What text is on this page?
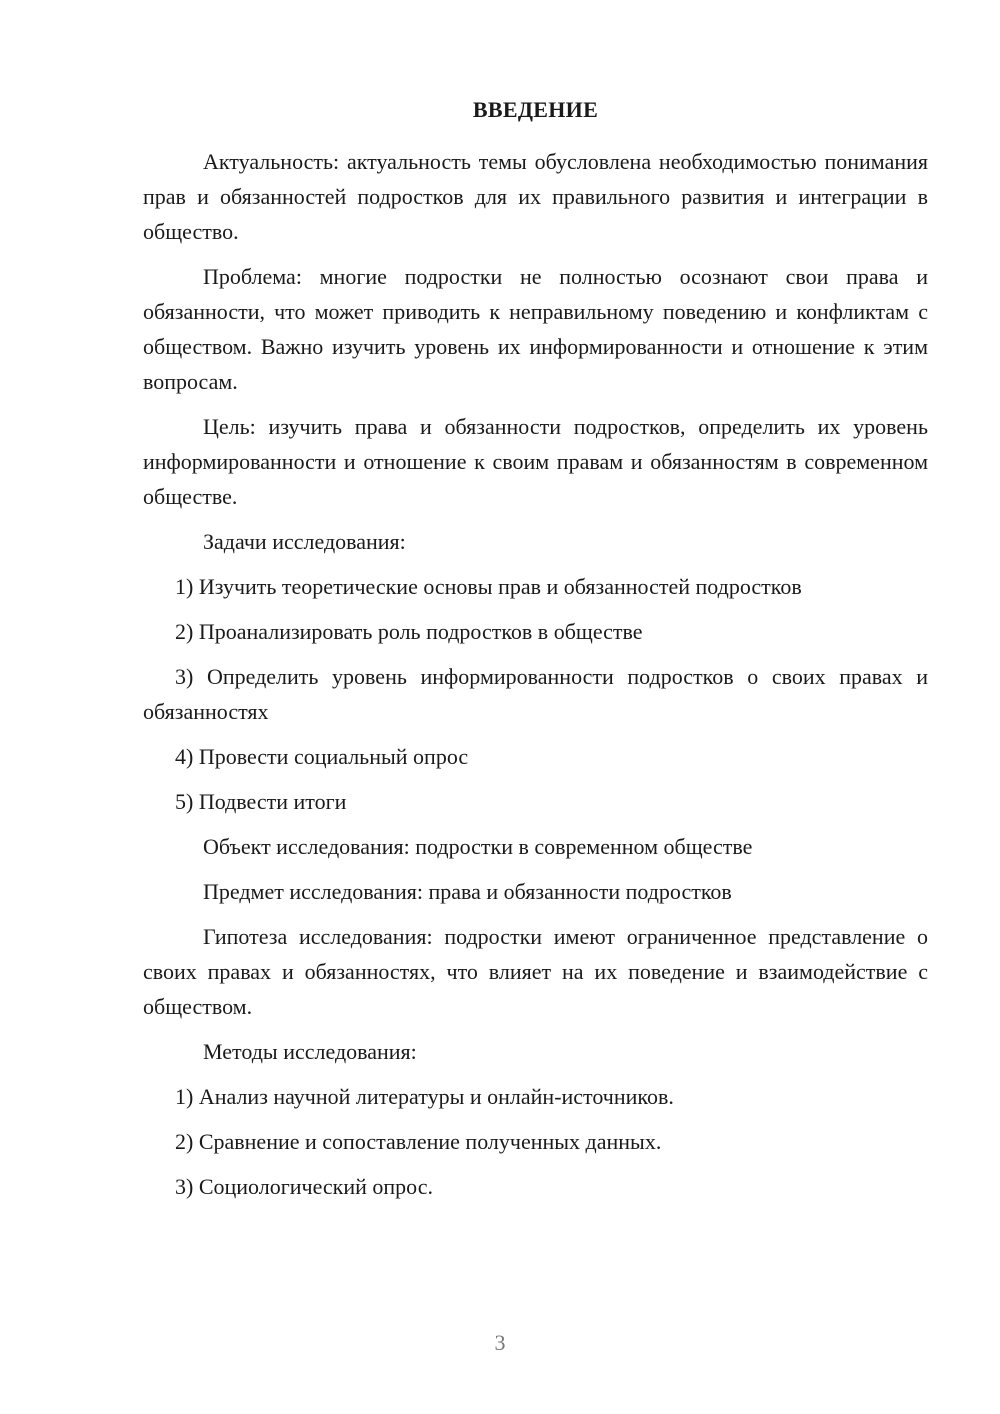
ВВЕДЕНИЕ
Актуальность: актуальность темы обусловлена необходимостью понимания прав и обязанностей подростков для их правильного развития и интеграции в общество.
Проблема: многие подростки не полностью осознают свои права и обязанности, что может приводить к неправильному поведению и конфликтам с обществом. Важно изучить уровень их информированности и отношение к этим вопросам.
Цель: изучить права и обязанности подростков, определить их уровень информированности и отношение к своим правам и обязанностям в современном обществе.
Задачи исследования:
1) Изучить теоретические основы прав и обязанностей подростков
2) Проанализировать роль подростков в обществе
3) Определить уровень информированности подростков о своих правах и обязанностях
4) Провести социальный опрос
5) Подвести итоги
Объект исследования: подростки в современном обществе
Предмет исследования: права и обязанности подростков
Гипотеза исследования: подростки имеют ограниченное представление о своих правах и обязанностях, что влияет на их поведение и взаимодействие с обществом.
Методы исследования:
1) Анализ научной литературы и онлайн-источников.
2) Сравнение и сопоставление полученных данных.
3) Социологический опрос.
3
